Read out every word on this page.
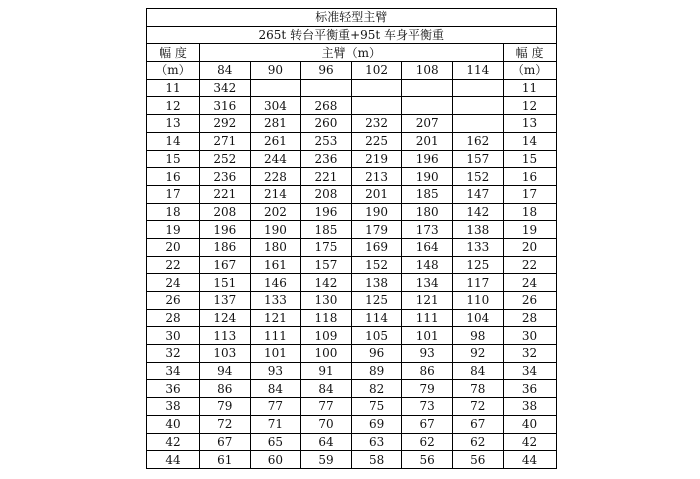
标准轻型主臂							
265t 转台平衡重+95t 车身平衡重							
幅 度	主臂（m）						幅 度
（m）	84	90	96	102	108	114	（m）
11	342						11
12	316	304	268				12
13	292	281	260	232	207		13
14	271	261	253	225	201	162	14
15	252	244	236	219	196	157	15
16	236	228	221	213	190	152	16
17	221	214	208	201	185	147	17
18	208	202	196	190	180	142	18
19	196	190	185	179	173	138	19
20	186	180	175	169	164	133	20
22	167	161	157	152	148	125	22
24	151	146	142	138	134	117	24
26	137	133	130	125	121	110	26
28	124	121	118	114	111	104	28
30	113	111	109	105	101	98	30
32	103	101	100	96	93	92	32
34	94	93	91	89	86	84	34
36	86	84	84	82	79	78	36
38	79	77	77	75	73	72	38
40	72	71	70	69	67	67	40
42	67	65	64	63	62	62	42
44	61	60	59	58	56	56	44
